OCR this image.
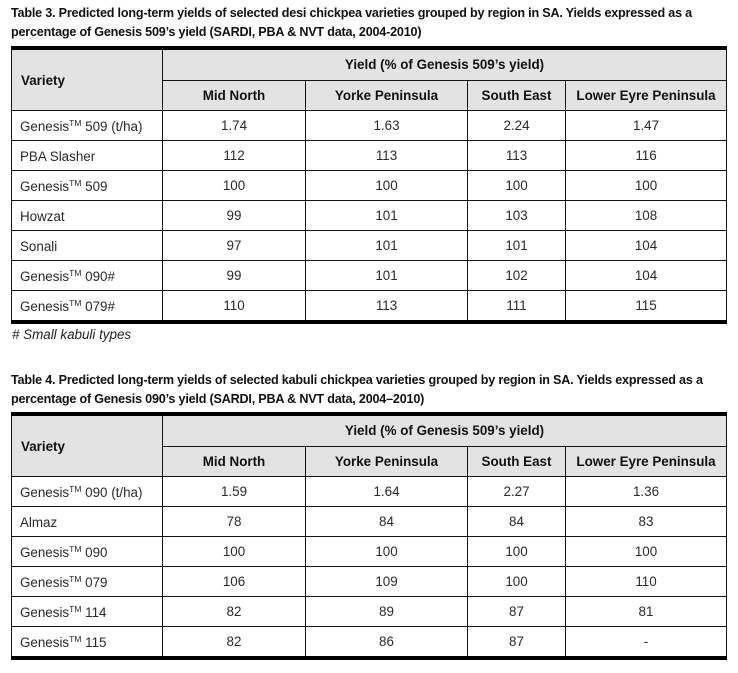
Table 3. Predicted long-term yields of selected desi chickpea varieties grouped by region in SA. Yields expressed as a percentage of Genesis 509’s yield (SARDI, PBA & NVT data, 2004-2010)
Variety	Yield (% of Genesis 509’s yield)			
	Mid North	Yorke Peninsula	South East	Lower Eyre Peninsula
Genesis™ 509 (t/ha)	1.74	1.63	2.24	1.47
PBA Slasher	112	113	113	116
Genesis™ 509	100	100	100	100
Howzat	99	101	103	108
Sonali	97	101	101	104
Genesis™ 090#	99	101	102	104
Genesis™ 079#	110	113	111	115
# Small kabuli types
Table 4. Predicted long-term yields of selected kabuli chickpea varieties grouped by region in SA. Yields expressed as a percentage of Genesis 090’s yield (SARDI, PBA & NVT data, 2004–2010)
Variety	Yield (% of Genesis 509’s yield)			
	Mid North	Yorke Peninsula	South East	Lower Eyre Peninsula
Genesis™ 090 (t/ha)	1.59	1.64	2.27	1.36
Almaz	78	84	84	83
Genesis™ 090	100	100	100	100
Genesis™ 079	106	109	100	110
Genesis™ 114	82	89	87	81
Genesis™ 115	82	86	87	-
